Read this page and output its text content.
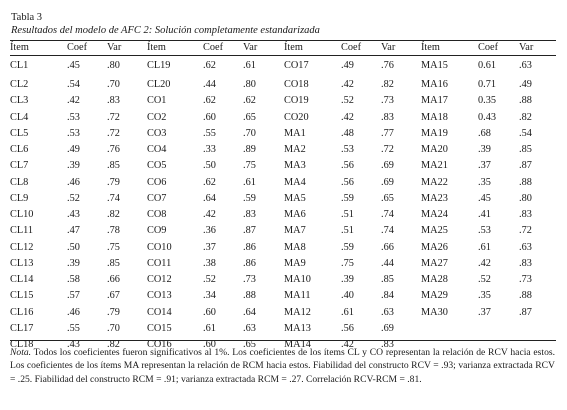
Tabla 3
Resultados del modelo de AFC 2: Solución completamente estandarizada
Ítem	Coef	Var	Ítem	Coef	Var	Ítem	Coef	Var	Ítem	Coef	Var
CL1	.45	.80	CL19	.62	.61	CO17	.49	.76	MA15	0.61	.63
CL2	.54	.70	CL20	.44	.80	CO18	.42	.82	MA16	0.71	.49
CL3	.42	.83	CO1	.62	.62	CO19	.52	.73	MA17	0.35	.88
CL4	.53	.72	CO2	.60	.65	CO20	.42	.83	MA18	0.43	.82
CL5	.53	.72	CO3	.55	.70	MA1	.48	.77	MA19	.68	.54
CL6	.49	.76	CO4	.33	.89	MA2	.53	.72	MA20	.39	.85
CL7	.39	.85	CO5	.50	.75	MA3	.56	.69	MA21	.37	.87
CL8	.46	.79	CO6	.62	.61	MA4	.56	.69	MA22	.35	.88
CL9	.52	.74	CO7	.64	.59	MA5	.59	.65	MA23	.45	.80
CL10	.43	.82	CO8	.42	.83	MA6	.51	.74	MA24	.41	.83
CL11	.47	.78	CO9	.36	.87	MA7	.51	.74	MA25	.53	.72
CL12	.50	.75	CO10	.37	.86	MA8	.59	.66	MA26	.61	.63
CL13	.39	.85	CO11	.38	.86	MA9	.75	.44	MA27	.42	.83
CL14	.58	.66	CO12	.52	.73	MA10	.39	.85	MA28	.52	.73
CL15	.57	.67	CO13	.34	.88	MA11	.40	.84	MA29	.35	.88
CL16	.46	.79	CO14	.60	.64	MA12	.61	.63	MA30	.37	.87
CL17	.55	.70	CO15	.61	.63	MA13	.56	.69			
CL18	.43	.82	CO16	.60	.65	MA14	.42	.83			
Nota. Todos los coeficientes fueron significativos al 1%. Los coeficientes de los ítems CL y CO representan la relación de RCV hacia estos. Los coeficientes de los ítems MA representan la relación de RCM hacia estos. Fiabilidad del constructo RCV = .93; varianza extractada RCV = .25. Fiabilidad del constructo RCM = .91; varianza extractada RCM = .27. Correlación RCV-RCM = .81.
